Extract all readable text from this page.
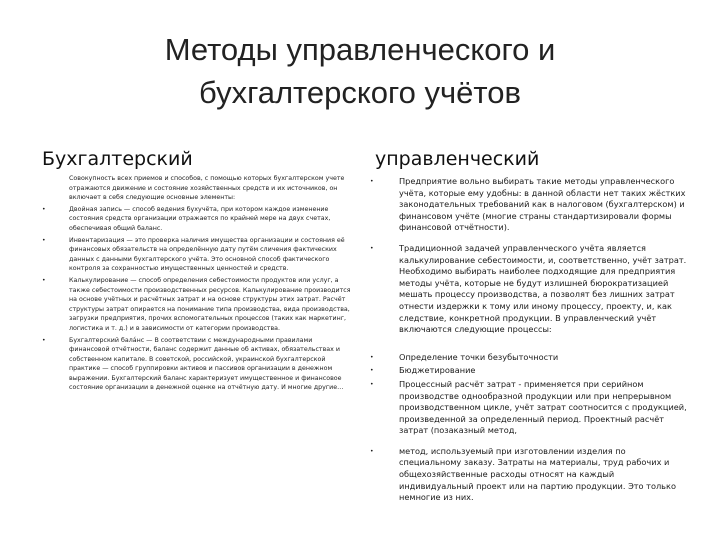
Методы управленческого и
бухгалтерского учётов
Бухгалтерский	управленческий
Совокупность всех приемов и способов, с помощью которых бухгалтерском учете отражаются движение и состояние хозяйственных средств и их источников, он включает в себя следующие основные элементы:
•	Двойная запись — способ ведения бухучёта, при котором каждое изменение состояния средств организации отражается по крайней мере на двух счетах, обеспечивая общий баланс.
•	Инвентаризация — это проверка наличия имущества организации и состояния её финансовых обязательств на определённую дату путём сличения фактических данных с данными бухгалтерского учёта. Это основной способ фактического контроля за сохранностью имущественных ценностей и средств.
•	Калькулирование — способ определения себестоимости продуктов или услуг, а также себестоимости производственных ресурсов. Калькулирование производится на основе учётных и расчётных затрат и на основе структуры этих затрат. Расчёт структуры затрат опирается на понимание типа производства, вида производства, загрузки предприятия, прочих вспомогательных процессов (таких как маркетинг, логистика и т. д.) и в зависимости от категории производства.
•	Бухгалтерский бала́нс — В соответствии с международными правилами финансовой отчётности, баланс содержит данные об активах, обязательствах и собственном капитале. В советской, российской, украинской бухгалтерской практике — способ группировки активов и пассивов организации в денежном выражении. Бухгалтерский баланс характеризует имущественное и финансовое состояние организации в денежной оценке на отчётную дату. И многие другие…
•	Предприятие вольно выбирать такие методы управленческого учёта, которые ему удобны: в данной области нет таких жёстких законодательных требований как в налоговом (бухгалтерском) и финансовом учёте (многие страны стандартизировали формы финансовой отчётности).
•	Традиционной задачей управленческого учёта является калькулирование себестоимости, и, соответственно, учёт затрат. Необходимо выбирать наиболее подходящие для предприятия методы учёта, которые не будут излишней бюрократизацией мешать процессу производства, а позволят без лишних затрат отнести издержки к тому или иному процессу, проекту, и, как следствие, конкретной продукции. В управленческий учёт включаются следующие процессы:
•	Определение точки безубыточности
•	Бюджетирование
•	Процессный расчёт затрат - применяется при серийном производстве однообразной продукции или при непрерывном производственном цикле, учёт затрат соотносится с продукцией, произведенной за определенный период. Проектный расчёт затрат (позаказный метод,
•	метод, используемый при изготовлении изделия по специальному заказу. Затраты на материалы, труд рабочих и общехозяйственные расходы относят на каждый индивидуальный проект или на партию продукции. Это только немногие из них.
